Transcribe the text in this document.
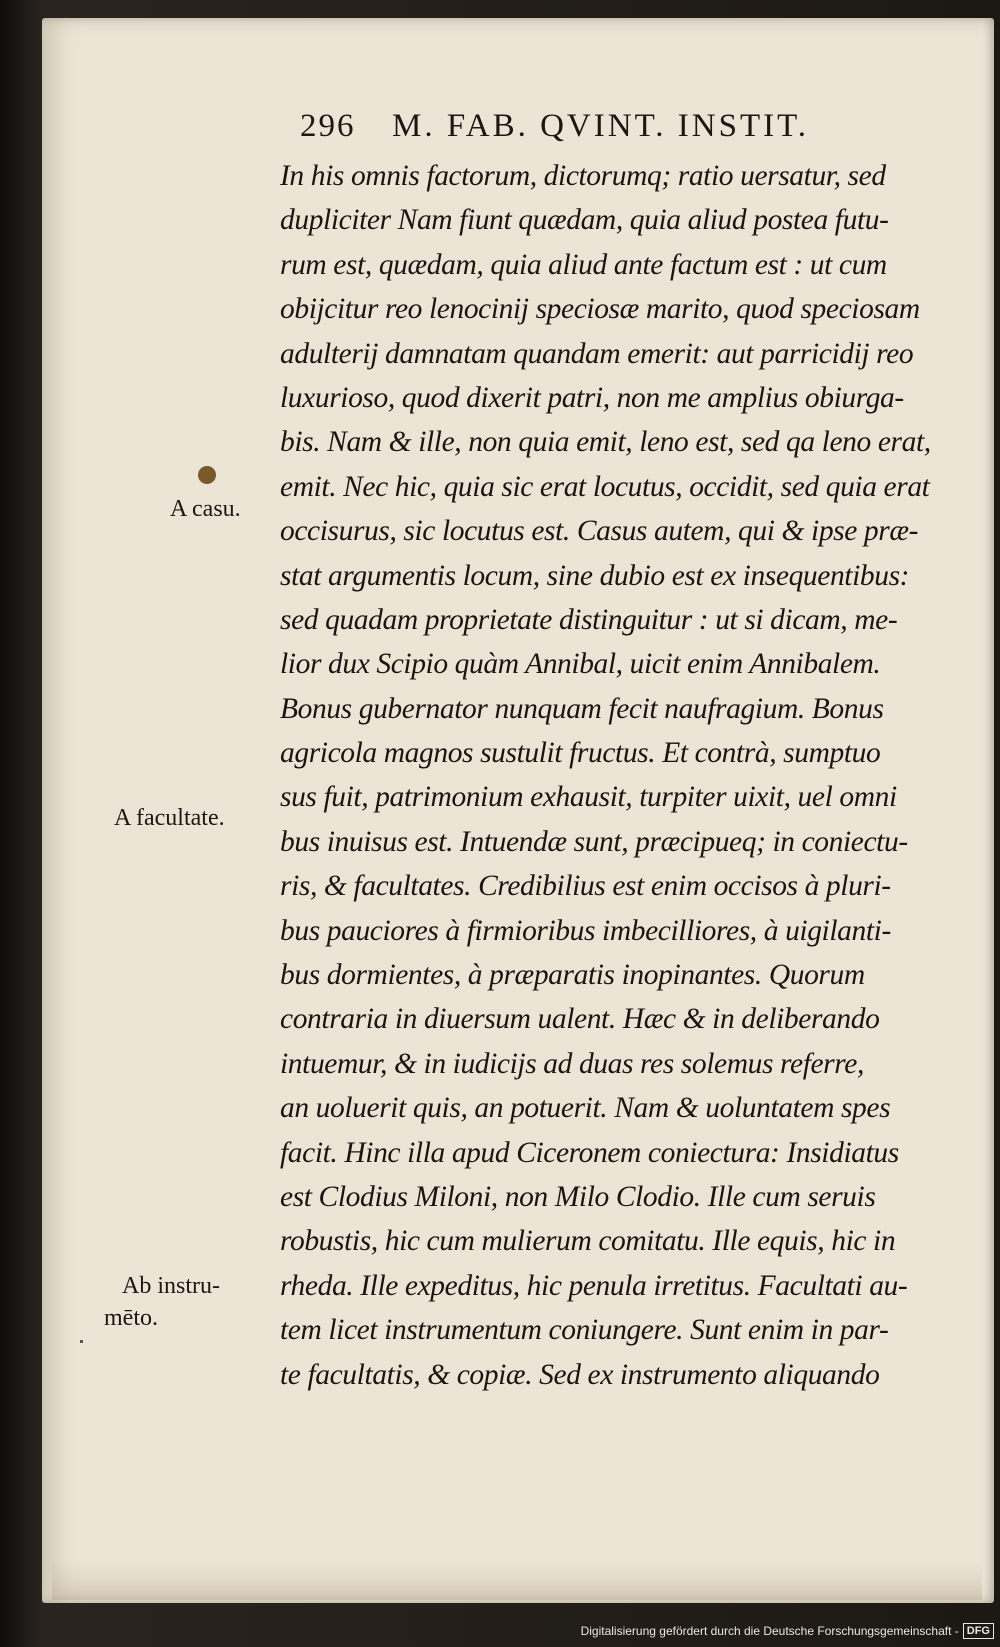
296 M. FAB. QVINT. INSTIT.
A casu.
A facultate.
Ab instru-
mēto.
In his omnis factorum, dictorumq; ratio uersatur, sed
dupliciter Nam fiunt quædam, quia aliud postea futu-
rum est, quædam, quia aliud ante factum est : ut cum
obijcitur reo lenocinij speciosæ marito, quod speciosam
adulterij damnatam quandam emerit: aut parricidij reo
luxurioso, quod dixerit patri, non me amplius obiurga-
bis. Nam & ille, non quia emit, leno est, sed qa leno erat,
emit. Nec hic, quia sic erat locutus, occidit, sed quia erat
occisurus, sic locutus est. Casus autem, qui & ipse præ-
stat argumentis locum, sine dubio est ex insequentibus:
sed quadam proprietate distinguitur : ut si dicam, me-
lior dux Scipio quàm Annibal, uicit enim Annibalem.
Bonus gubernator nunquam fecit naufragium. Bonus
agricola magnos sustulit fructus. Et contrà, sumptuo
sus fuit, patrimonium exhausit, turpiter uixit, uel omni
bus inuisus est. Intuendæ sunt, præcipueq; in coniectu-
ris, & facultates. Credibilius est enim occisos à pluri-
bus pauciores à firmioribus imbecilliores, à uigilanti-
bus dormientes, à præparatis inopinantes. Quorum
contraria in diuersum ualent. Hæc & in deliberando
intuemur, & in iudicijs ad duas res solemus referre,
an uoluerit quis, an potuerit. Nam & uoluntatem spes
facit. Hinc illa apud Ciceronem coniectura: Insidiatus
est Clodius Miloni, non Milo Clodio. Ille cum seruis
robustis, hic cum mulierum comitatu. Ille equis, hic in
rheda. Ille expeditus, hic penula irretitus. Facultati au-
tem licet instrumentum coniungere. Sunt enim in par-
te facultatis, & copiæ. Sed ex instrumento aliquando
Digitalisierung gefördert durch die Deutsche Forschungsgemeinschaft - DFG
